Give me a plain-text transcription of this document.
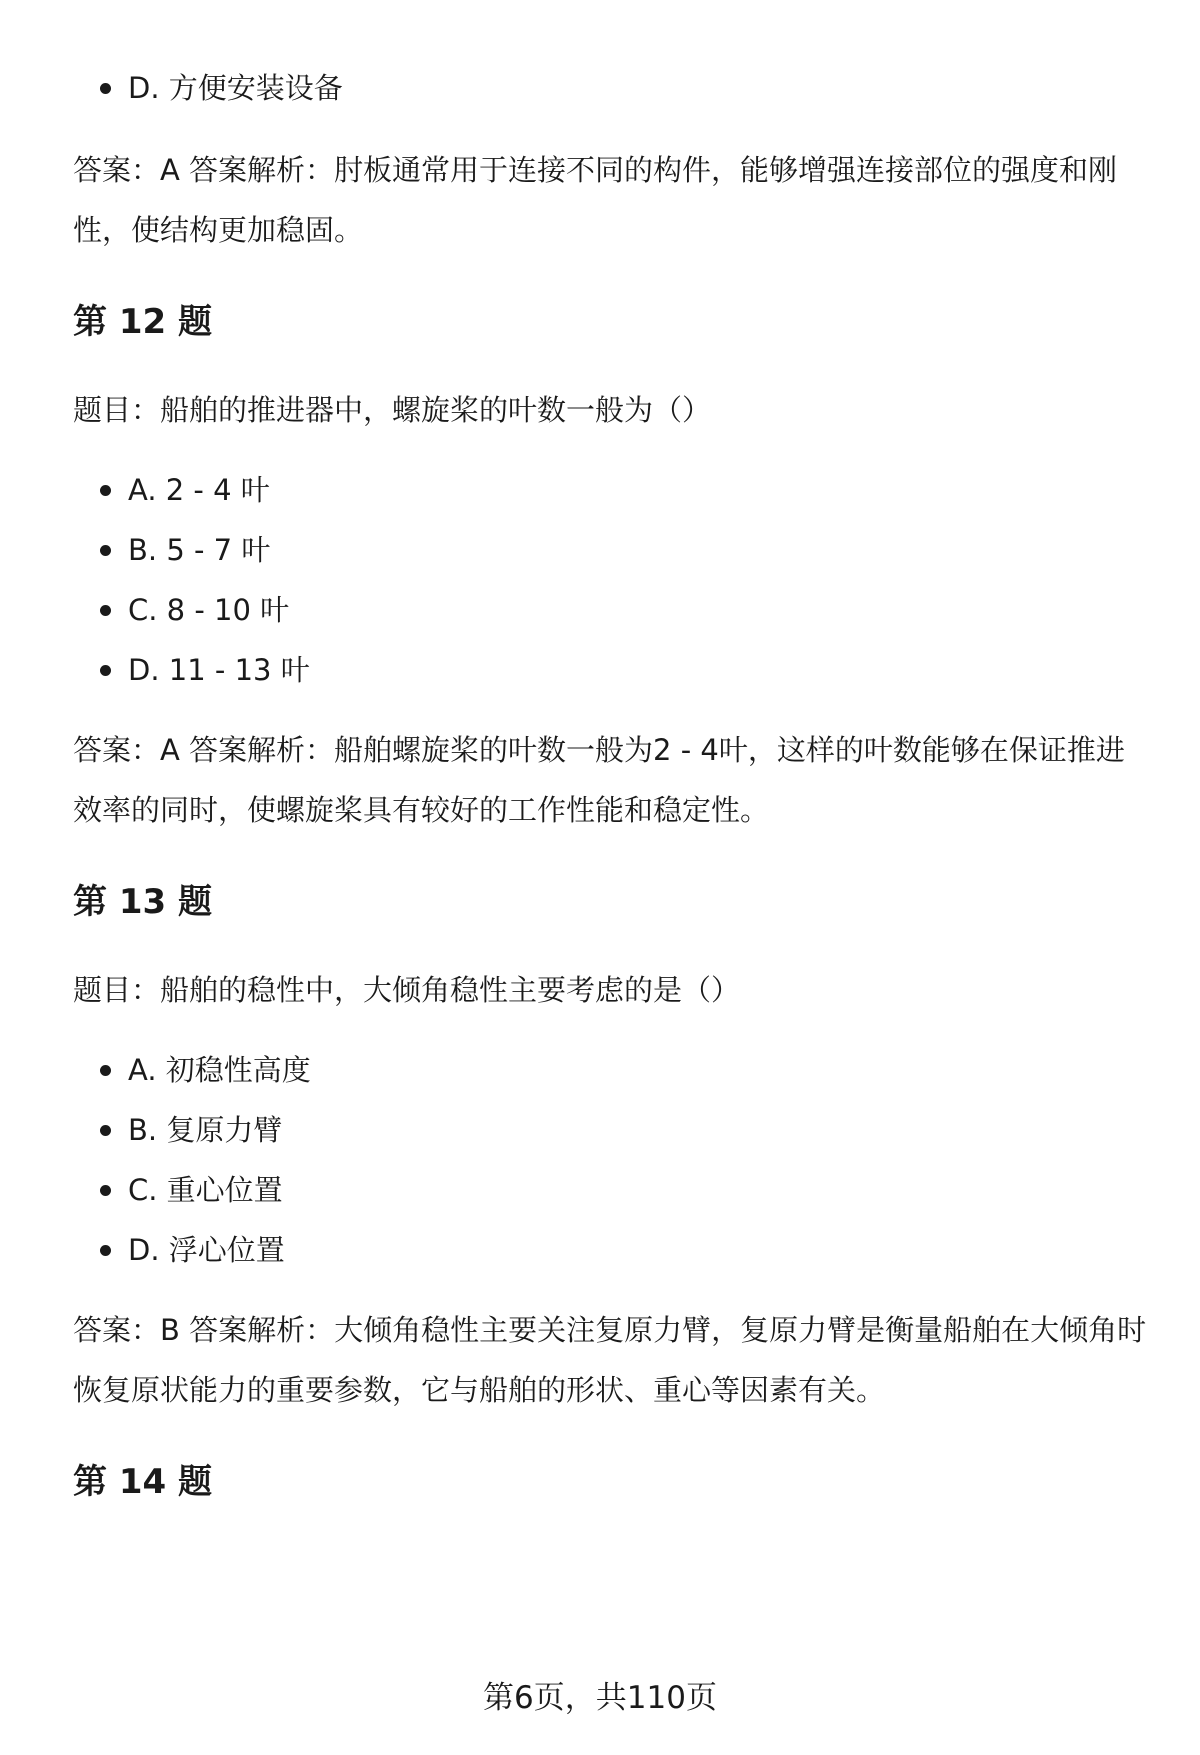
D. 方便安装设备

答案：A 答案解析：肘板通常用于连接不同的构件，能够增强连接部位的强度和刚性，使结构更加稳固。

第 12 题

题目：船舶的推进器中，螺旋桨的叶数一般为（）

A. 2 - 4 叶
B. 5 - 7 叶
C. 8 - 10 叶
D. 11 - 13 叶

答案：A 答案解析：船舶螺旋桨的叶数一般为2 - 4叶，这样的叶数能够在保证推进效率的同时，使螺旋桨具有较好的工作性能和稳定性。

第 13 题

题目：船舶的稳性中，大倾角稳性主要考虑的是（）

A. 初稳性高度
B. 复原力臂
C. 重心位置
D. 浮心位置

答案：B 答案解析：大倾角稳性主要关注复原力臂，复原力臂是衡量船舶在大倾角时恢复原状能力的重要参数，它与船舶的形状、重心等因素有关。

第 14 题
第6页，共110页
